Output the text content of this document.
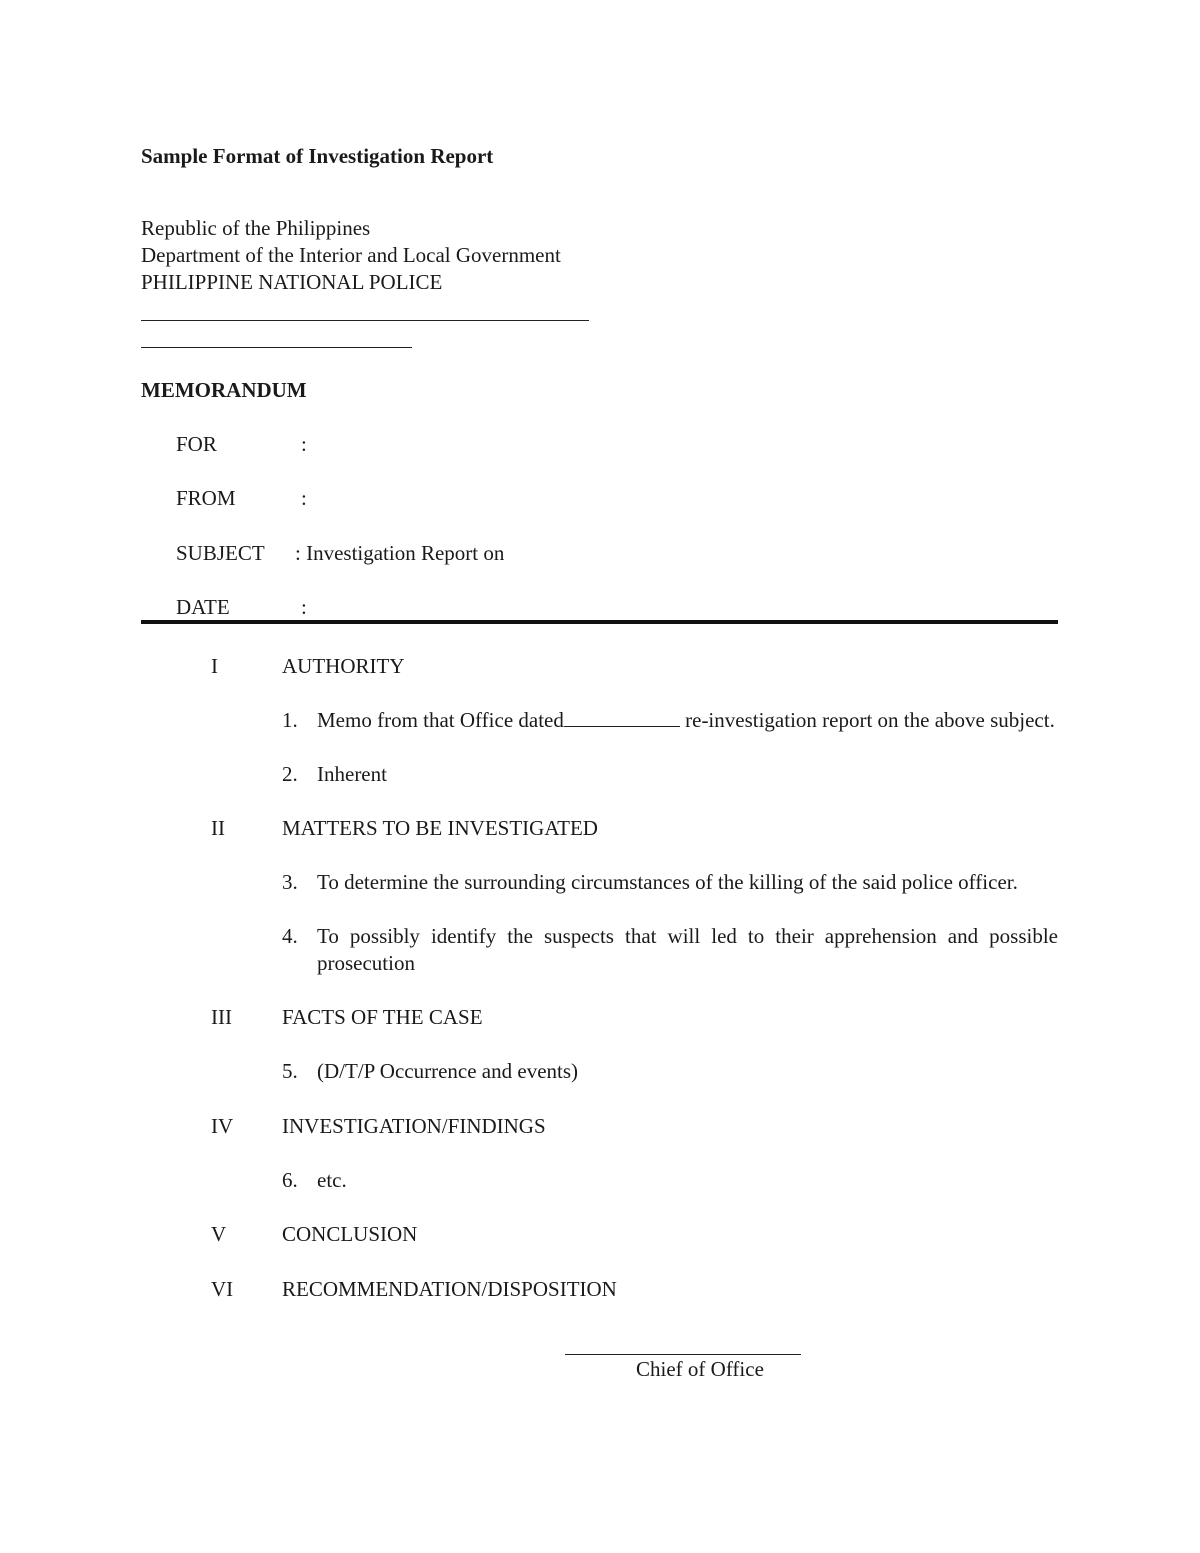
Sample Format of Investigation Report
Republic of the Philippines
Department of the Interior and Local Government
PHILIPPINE NATIONAL POLICE
MEMORANDUM
FOR	:
FROM	:
SUBJECT : Investigation Report on
DATE	:
I	AUTHORITY
1. Memo from that Office dated	re-investigation report on the above subject.
2. Inherent
II	MATTERS TO BE INVESTIGATED
3. To determine the surrounding circumstances of the killing of the said police officer.
4. To possibly identify the suspects that will led to their apprehension and possible prosecution
III FACTS OF THE CASE
5. (D/T/P Occurrence and events)
IV INVESTIGATION/FINDINGS
6. etc.
V	CONCLUSION
VI RECOMMENDATION/DISPOSITION
Chief of Office
